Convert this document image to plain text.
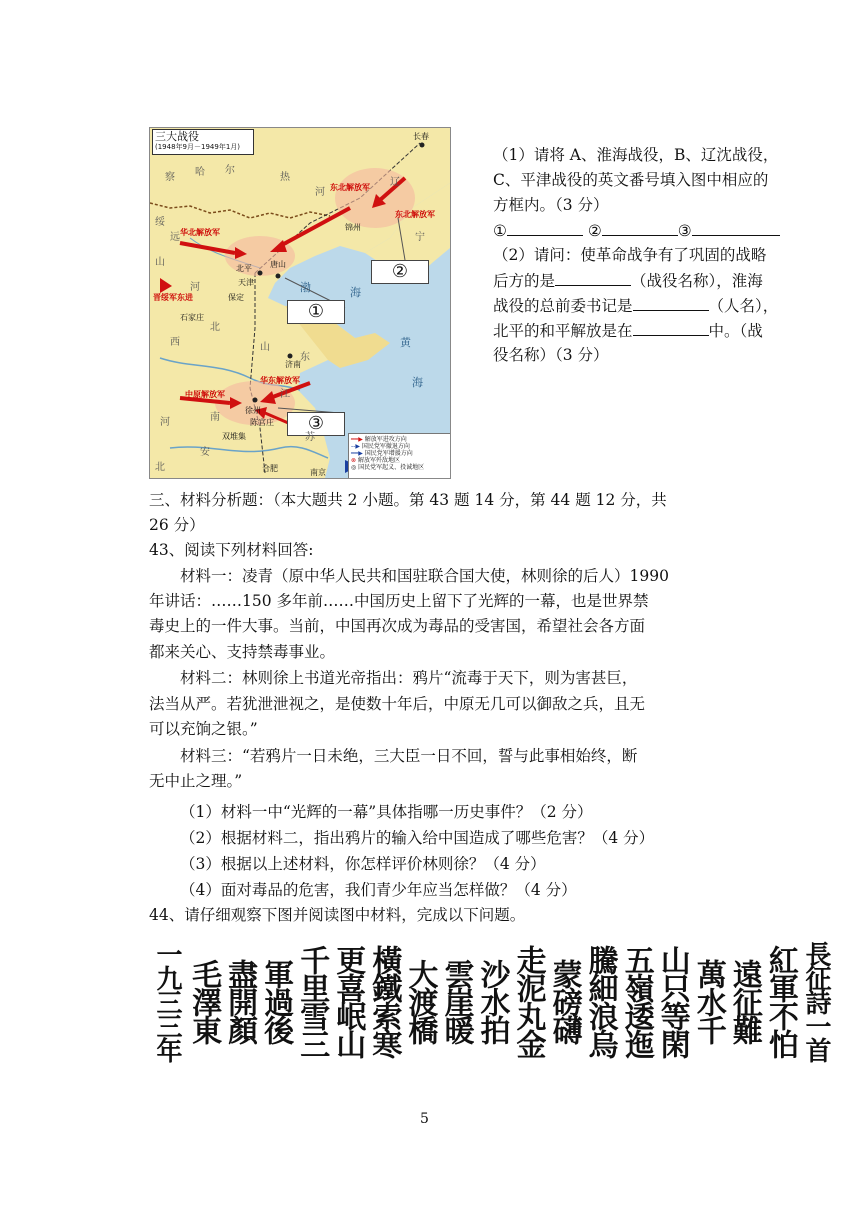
三大战役
(1948年9月－1949年1月)
②
①
③
长春
北平
天津
唐山
锦州
保定
石家庄
济南
徐州
陈官庄
双堆集
合肥	南京
华北解放军
东北解放军
东北解放军
华东解放军
中原解放军
晋绥军东进
渤	海
黄
海
山
东
河
北
山
西
河	南
江
苏
辽
宁
热
河
察 哈 尔
安
北
绥
远
━━▶ 解放军进攻方向
‐‐▶ 国民党军撤退方向
━━▶ 国民党军增援方向
⊗ 解放军歼敌地区
◎ 国民党军起义、投诚地区
（1）请将 A、淮海战役，B、辽沈战役，
C、平津战役的英文番号填入图中相应的
方框内。（3 分）
①	②	③
（2）请问：使革命战争有了巩固的战略
后方的是	（战役名称），淮海
战役的总前委书记是	（人名），
北平的和平解放是在	中。（战
役名称）（3 分）
三、材料分析题：（本大题共 2 小题。第 43 题 14 分，第 44 题 12 分，共
26 分）
43、阅读下列材料回答:
材料一：凌青（原中华人民共和国驻联合国大使，林则徐的后人）1990
年讲话：……150 多年前……中国历史上留下了光辉的一幕，也是世界禁
毒史上的一件大事。当前，中国再次成为毒品的受害国，希望社会各方面
都来关心、支持禁毒事业。
材料二：林则徐上书道光帝指出：鸦片“流毒于天下，则为害甚巨，
法当从严。若犹泄泄视之，是使数十年后，中原无几可以御敌之兵，且无
可以充饷之银。”
材料三：“若鸦片一日未绝，三大臣一日不回，誓与此事相始终，断
无中止之理。”
（1）材料一中“光辉的一幕”具体指哪一历史事件？（2 分）
（2）根据材料二，指出鸦片的输入给中国造成了哪些危害？（4 分）
（3）根据以上述材料，你怎样评价林则徐？（4 分）
（4）面对毒品的危害，我们青少年应当怎样做？（4 分）
44、请仔细观察下图并阅读图中材料，完成以下问题。
長征詩一首
紅軍不怕
遠征難
萬水千
山只等閑
五嶺逶迤
騰細浪烏
蒙磅礴
走泥丸金
沙水拍
雲崖暖
大渡橋
橫鐵索寒
更喜岷山
千里雪三
軍過後
盡開顏
毛澤東
一九三三年
5
